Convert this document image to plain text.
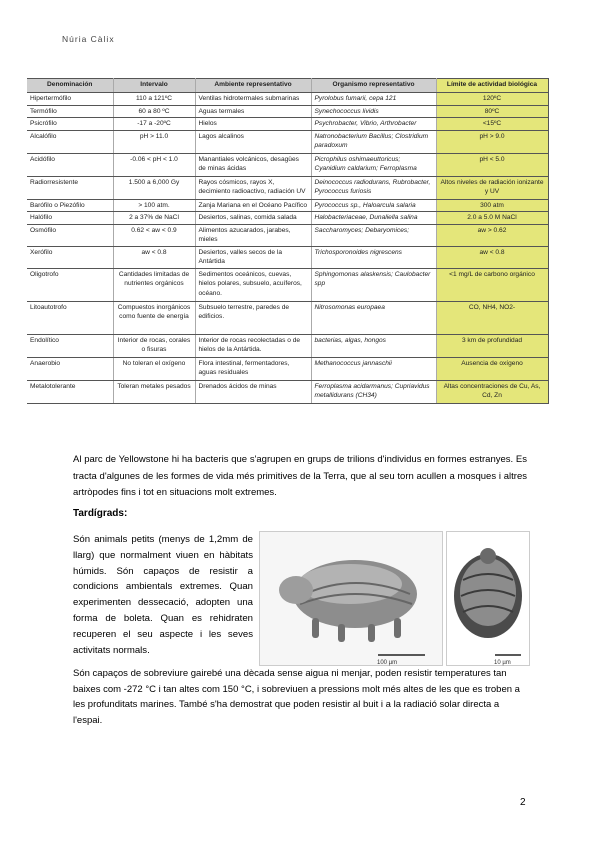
Núria Càlix
Denominación	Intervalo	Ambiente representativo	Organismo representativo	Límite de actividad biológica
Hipertermófilo	110 a 121ºC	Ventilas hidrotermales submarinas	Pyrolobus fumarii, cepa 121	120ºC
Termófilo	60 a 80 ºC	Aguas termales	Synechococcus lividis	80ºC
Psicrófilo	-17 a -20ºC	Hielos	Psychrobacter, Vibrio, Arthrobacter	<15ºC
Alcalófilo	pH > 11.0	Lagos alcalinos	Natronobacterium Bacillus; Clostridium paradoxum	pH > 9.0
Acidófilo	-0.06 < pH < 1.0	Manantiales volcánicos, desagües de minas ácidas	Picrophilus oshimaeuttoricus; Cyanidium caldarium; Ferroplasma	pH < 5.0
Radiorresistente	1.500 a 6,000 Gy	Rayos cósmicos, rayos X, decimiento radioactivo, radiación UV	Deinococcus radiodurans, Rubrobacter, Pyrococcus furiosis	Altos niveles de radiación ionizante y UV
Barófilo o Piezófilo	> 100 atm.	Zanja Mariana en el Océano Pacífico	Pyrococcus sp., Haloarcula salaria	300 atm
Halófilo	2 a 37% de NaCl	Desiertos, salinas, comida salada	Halobacteriaceae, Dunaliella salina	2.0 a 5.0 M NaCl
Osmófilo	0.62 < aw < 0.9	Alimentos azucarados, jarabes, mieles	Saccharomyces; Debaryomices;	aw > 0.62
Xerófilo	aw < 0.8	Desiertos, valles secos de la Antártida	Trichosporonoides nigrescens	aw < 0.8
Oligotrofo	Cantidades limitadas de nutrientes orgánicos	Sedimentos oceánicos, cuevas, hielos polares, subsuelo, acuíferos, océano.	Sphingomonas alaskensis; Caulobacter spp	<1 mg/L de carbono orgánico
Litoautotrofo	Compuestos inorgánicos como fuente de energía	Subsuelo terrestre, paredes de edificios.	Nitrosomonas europaea	CO, NH4, NO2-
Endolítico	Interior de rocas, corales o fisuras	Interior de rocas recolectadas o de hielos de la Antártida.	bacterias, algas, hongos	3 km de profundidad
Anaerobio	No toleran el oxígeno	Flora intestinal, fermentadores, aguas residuales	Methanococcus jannaschii	Ausencia de oxígeno
Metalotolerante	Toleran metales pesados	Drenados ácidos de minas	Ferroplasma acidarmanus; Cupriavidus metallidurans (CH34)	Altas concentraciones de Cu, As, Cd, Zn
Al parc de Yellowstone hi ha bacteris que s'agrupen en grups de trilions d'individus en formes estranyes. Es tracta d'algunes de les formes de vida més primitives de la Terra, que al seu torn acullen a mosques i altres artròpodes fins i tot en situacions molt extremes.
Tardígrads:
Són animals petits (menys de 1,2mm de llarg) que normalment viuen en hàbitats húmids. Són capaços de resistir a condicions ambientals extremes. Quan experimenten dessecació, adopten una forma de boleta. Quan es rehidraten recuperen el seu aspecte i les seves activitats normals.
100 µm	10 µm
Són capaços de sobreviure gairebé una dècada sense aigua ni menjar, poden resistir temperatures tan baixes com -272 °C i tan altes com 150 °C, i sobreviuen a pressions molt més altes de les que es troben a les profunditats marines. També s'ha demostrat que poden resistir al buit i a la radiació solar directa a l'espai.
2
